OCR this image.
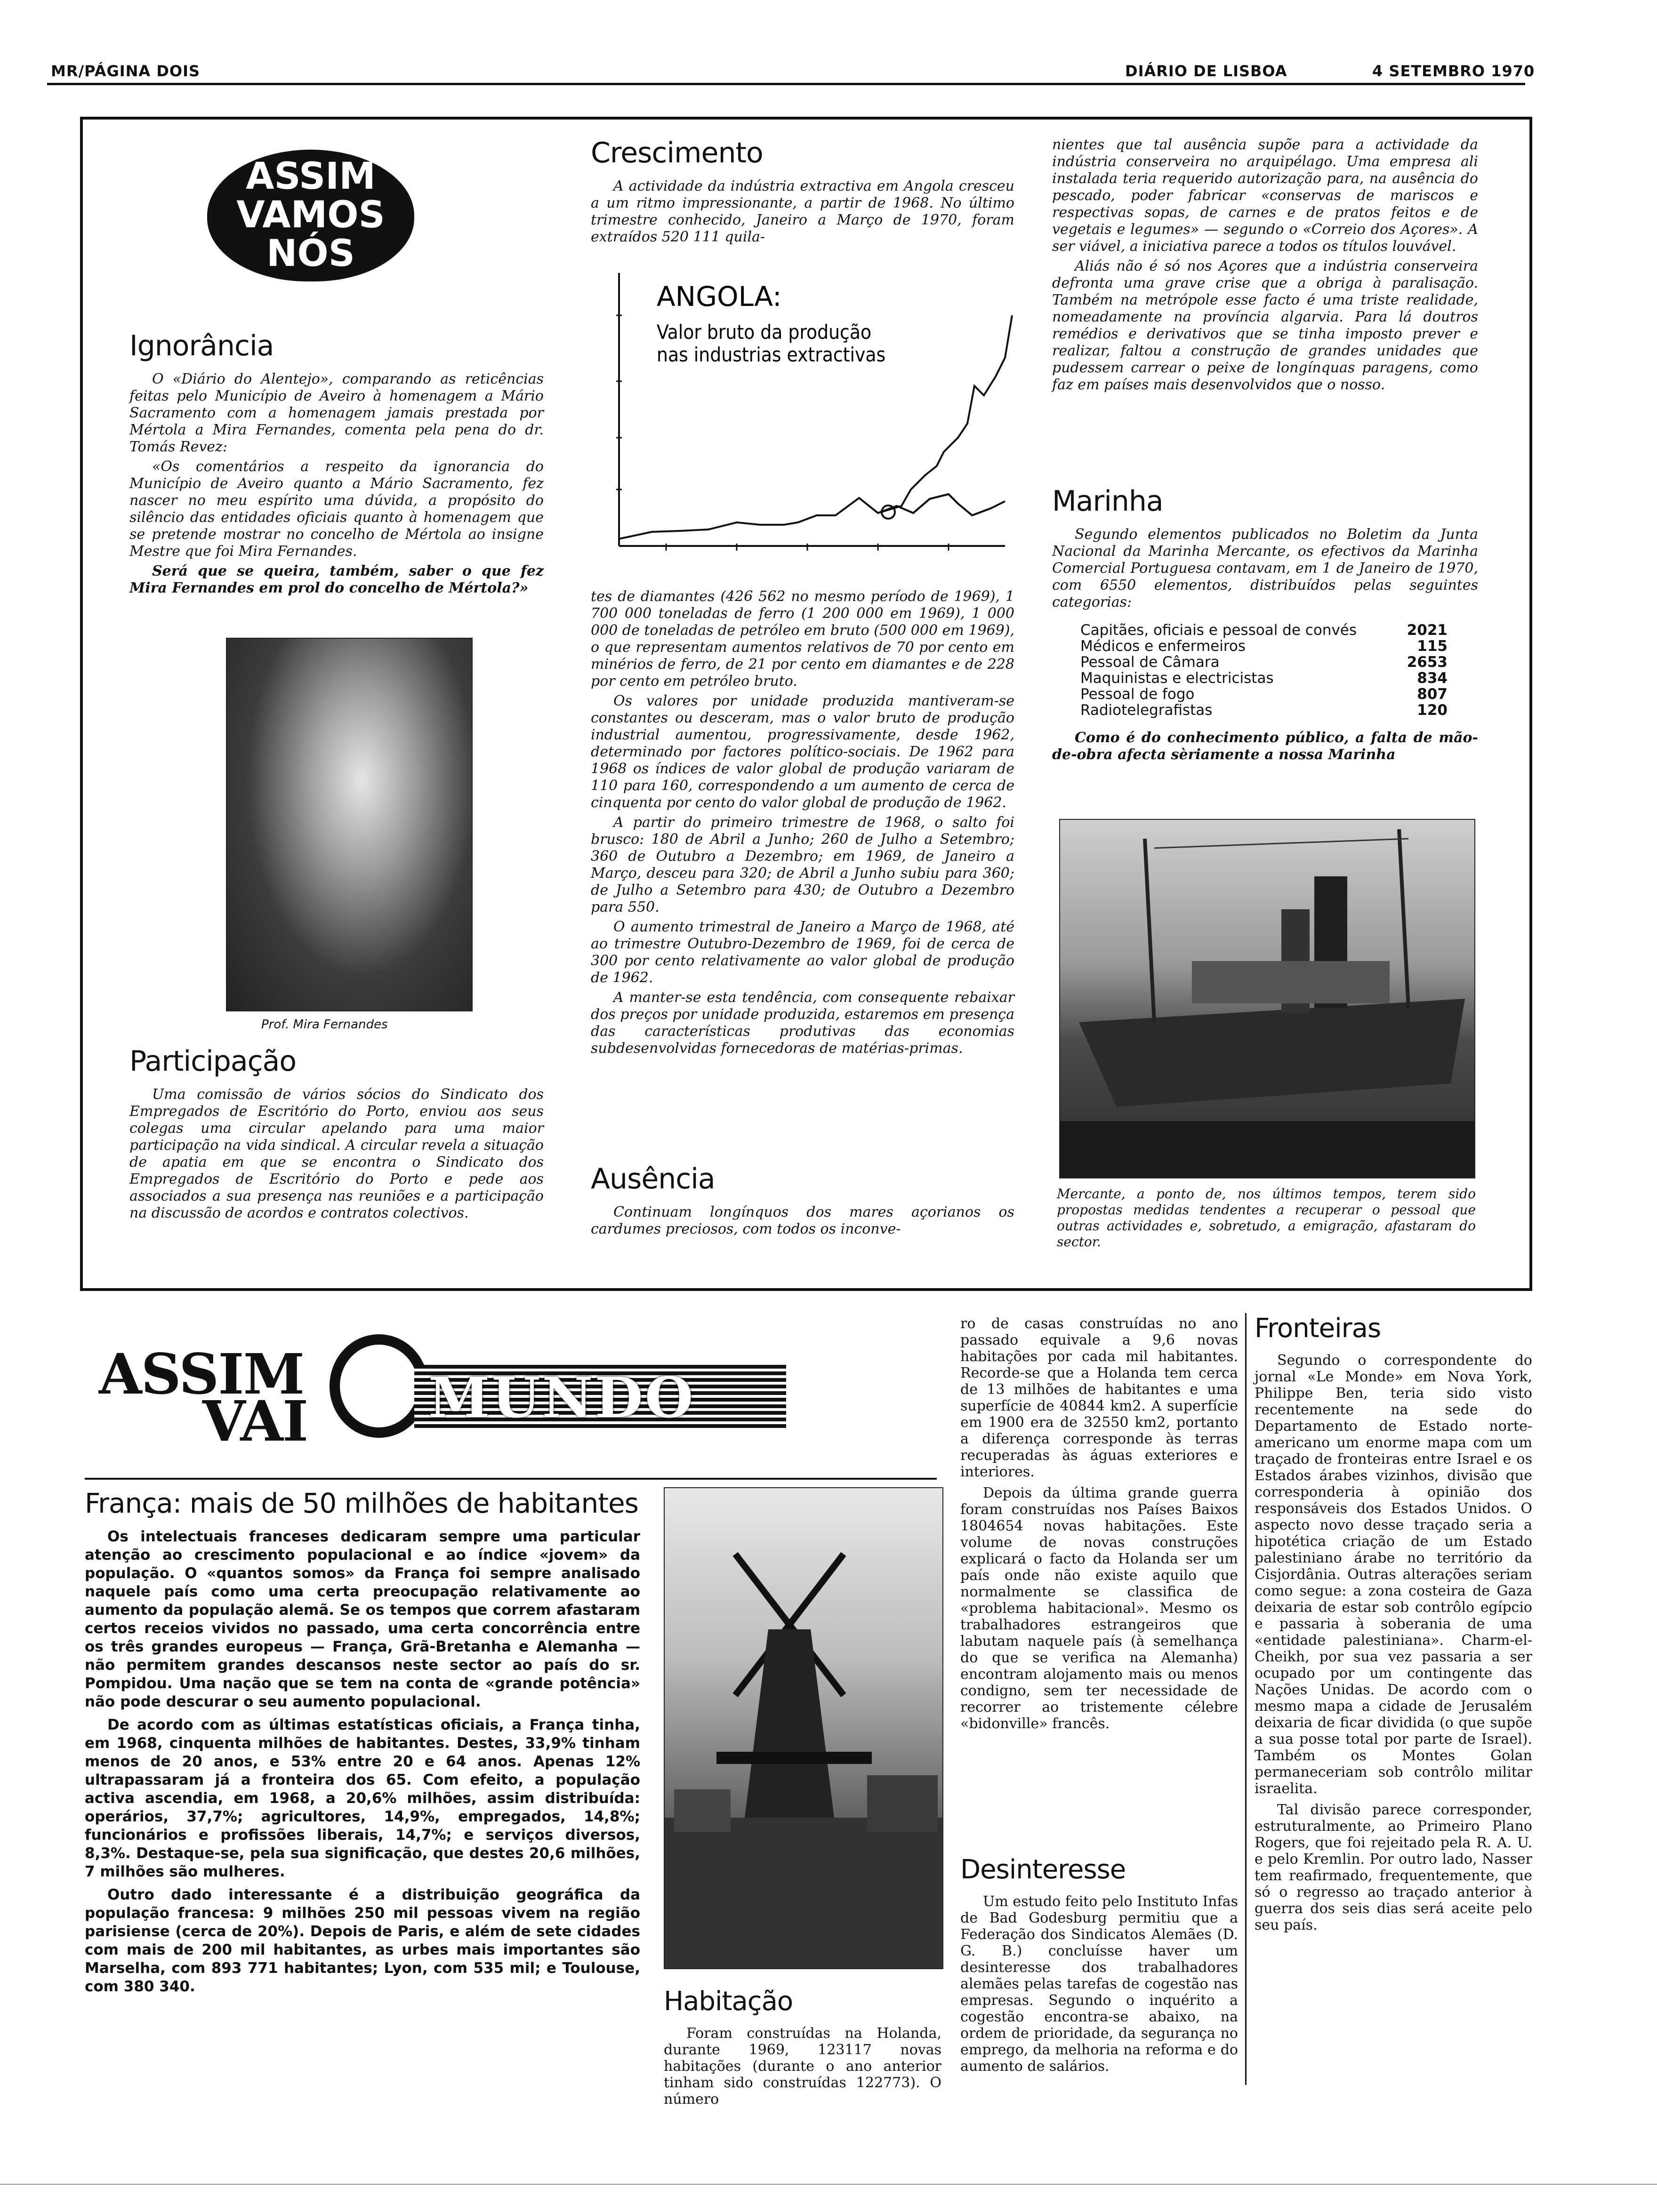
MR/PÁGINA DOIS	DIÁRIO DE LISBOA	4 SETEMBRO 1970
ASSIM
VAMOS
NÓS
Ignorância

O «Diário do Alentejo», comparando as reticências feitas pelo Município de Aveiro à homenagem a Mário Sacramento com a homenagem jamais prestada por Mértola a Mira Fernandes, comenta pela pena do dr. Tomás Revez:

«Os comentários a respeito da ignorancia do Município de Aveiro quanto a Mário Sacramento, fez nascer no meu espírito uma dúvida, a propósito do silêncio das entidades oficiais quanto à homenagem que se pretende mostrar no concelho de Mértola ao insigne Mestre que foi Mira Fernandes.

Será que se queira, também, saber o que fez Mira Fernandes em prol do concelho de Mértola?»

Prof. Mira Fernandes
Participação

Uma comissão de vários sócios do Sindicato dos Empregados de Escritório do Porto, enviou aos seus colegas uma circular apelando para uma maior participação na vida sindical. A circular revela a situação de apatia em que se encontra o Sindicato dos Empregados de Escritório do Porto e pede aos associados a sua presença nas reuniões e a participação na discussão de acordos e contratos colectivos.

Crescimento

A actividade da indústria extractiva em Angola cresceu a um ritmo impressionante, a partir de 1968. No último trimestre conhecido, Janeiro a Março de 1970, foram extraídos 520 111 quila-

ANGOLA:
Valor bruto da produção
nas industrias extractivas

tes de diamantes (426 562 no mesmo período de 1969), 1 700 000 toneladas de ferro (1 200 000 em 1969), 1 000 000 de toneladas de petróleo em bruto (500 000 em 1969), o que representam aumentos relativos de 70 por cento em minérios de ferro, de 21 por cento em diamantes e de 228 por cento em petróleo bruto.

Os valores por unidade produzida mantiveram-se constantes ou desceram, mas o valor bruto de produção industrial aumentou, progressivamente, desde 1962, determinado por factores político-sociais. De 1962 para 1968 os índices de valor global de produção variaram de 110 para 160, correspondendo a um aumento de cerca de cinquenta por cento do valor global de produção de 1962.

A partir do primeiro trimestre de 1968, o salto foi brusco: 180 de Abril a Junho; 260 de Julho a Setembro; 360 de Outubro a Dezembro; em 1969, de Janeiro a Março, desceu para 320; de Abril a Junho subiu para 360; de Julho a Setembro para 430; de Outubro a Dezembro para 550.

O aumento trimestral de Janeiro a Março de 1968, até ao trimestre Outubro-Dezembro de 1969, foi de cerca de 300 por cento relativamente ao valor global de produção de 1962.

A manter-se esta tendência, com consequente rebaixar dos preços por unidade produzida, estaremos em presença das características produtivas das economias subdesenvolvidas fornecedoras de matérias-primas.

Ausência

Continuam longínquos dos mares açorianos os cardumes preciosos, com todos os inconve-

nientes que tal ausência supõe para a actividade da indústria conserveira no arquipélago. Uma empresa ali instalada teria requerido autorização para, na ausência do pescado, poder fabricar «conservas de mariscos e respectivas sopas, de carnes e de pratos feitos e de vegetais e legumes» — segundo o «Correio dos Açores». A ser viável, a iniciativa parece a todos os títulos louvável.

Aliás não é só nos Açores que a indústria conserveira defronta uma grave crise que a obriga à paralisação. Também na metrópole esse facto é uma triste realidade, nomeadamente na província algarvia. Para lá doutros remédios e derivativos que se tinha imposto prever e realizar, faltou a construção de grandes unidades que pudessem carrear o peixe de longínquas paragens, como faz em países mais desenvolvidos que o nosso.

Marinha

Segundo elementos publicados no Boletim da Junta Nacional da Marinha Mercante, os efectivos da Marinha Comercial Portuguesa contavam, em 1 de Janeiro de 1970, com 6550 elementos, distribuídos pelas seguintes categorias:

Capitães, oficiais e pessoal de convés	2021
Médicos e enfermeiros	115
Pessoal de Câmara	2653
Maquinistas e electricistas	834
Pessoal de fogo	807
Radiotelegrafistas	120

Como é do conhecimento público, a falta de mão-de-obra afecta sèriamente a nossa Marinha

Mercante, a ponto de, nos últimos tempos, terem sido propostas medidas tendentes a recuperar o pessoal que outras actividades e, sobretudo, a emigração, afastaram do sector.
ASSIM
VAI MUNDO
França: mais de 50 milhões de habitantes

Os intelectuais franceses dedicaram sempre uma particular atenção ao crescimento populacional e ao índice «jovem» da população. O «quantos somos» da França foi sempre analisado naquele país como uma certa preocupação relativamente ao aumento da população alemã. Se os tempos que correm afastaram certos receios vividos no passado, uma certa concorrência entre os três grandes europeus — França, Grã-Bretanha e Alemanha — não permitem grandes descansos neste sector ao país do sr. Pompidou. Uma nação que se tem na conta de «grande potência» não pode descurar o seu aumento populacional.

De acordo com as últimas estatísticas oficiais, a França tinha, em 1968, cinquenta milhões de habitantes. Destes, 33,9% tinham menos de 20 anos, e 53% entre 20 e 64 anos. Apenas 12% ultrapassaram já a fronteira dos 65. Com efeito, a população activa ascendia, em 1968, a 20,6% milhões, assim distribuída: operários, 37,7%; agricultores, 14,9%, empregados, 14,8%; funcionários e profissões liberais, 14,7%; e serviços diversos, 8,3%. Destaque-se, pela sua significação, que destes 20,6 milhões, 7 milhões são mulheres.

Outro dado interessante é a distribuição geográfica da população francesa: 9 milhões 250 mil pessoas vivem na região parisiense (cerca de 20%). Depois de Paris, e além de sete cidades com mais de 200 mil habitantes, as urbes mais importantes são Marselha, com 893 771 habitantes; Lyon, com 535 mil; e Toulouse, com 380 340.	Habitação

Foram construídas na Holanda, durante 1969, 123117 novas habitações (durante o ano anterior tinham sido construídas 122773). O número

ro de casas construídas no ano passado equivale a 9,6 novas habitações por cada mil habitantes. Recorde-se que a Holanda tem cerca de 13 milhões de habitantes e uma superfície de 40844 km2. A superfície em 1900 era de 32550 km2, portanto a diferença corresponde às terras recuperadas às águas exteriores e interiores.

Depois da última grande guerra foram construídas nos Países Baixos 1804654 novas habitações. Este volume de novas construções explicará o facto da Holanda ser um país onde não existe aquilo que normalmente se classifica de «problema habitacional». Mesmo os trabalhadores estrangeiros que labutam naquele país (à semelhança do que se verifica na Alemanha) encontram alojamento mais ou menos condigno, sem ter necessidade de recorrer ao tristemente célebre «bidonville» francês.

Desinteresse

Um estudo feito pelo Instituto Infas de Bad Godesburg permitiu que a Federação dos Sindicatos Alemães (D. G. B.) concluísse haver um desinteresse dos trabalhadores alemães pelas tarefas de cogestão nas empresas. Segundo o inquérito a cogestão encontra-se abaixo, na ordem de prioridade, da segurança no emprego, da melhoria na reforma e do aumento de salários.

Fronteiras

Segundo o correspondente do jornal «Le Monde» em Nova York, Philippe Ben, teria sido visto recentemente na sede do Departamento de Estado norte-americano um enorme mapa com um traçado de fronteiras entre Israel e os Estados árabes vizinhos, divisão que corresponderia à opinião dos responsáveis dos Estados Unidos. O aspecto novo desse traçado seria a hipotética criação de um Estado palestiniano árabe no território da Cisjordânia. Outras alterações seriam como segue: a zona costeira de Gaza deixaria de estar sob contrôlo egípcio e passaria à soberania de uma «entidade palestiniana». Charm-el-Cheikh, por sua vez passaria a ser ocupado por um contingente das Nações Unidas. De acordo com o mesmo mapa a cidade de Jerusalém deixaria de ficar dividida (o que supõe a sua posse total por parte de Israel). Também os Montes Golan permaneceriam sob contrôlo militar israelita.

Tal divisão parece corresponder, estruturalmente, ao Primeiro Plano Rogers, que foi rejeitado pela R. A. U. e pelo Kremlin. Por outro lado, Nasser tem reafirmado, frequentemente, que só o regresso ao traçado anterior à guerra dos seis dias será aceite pelo seu país.
